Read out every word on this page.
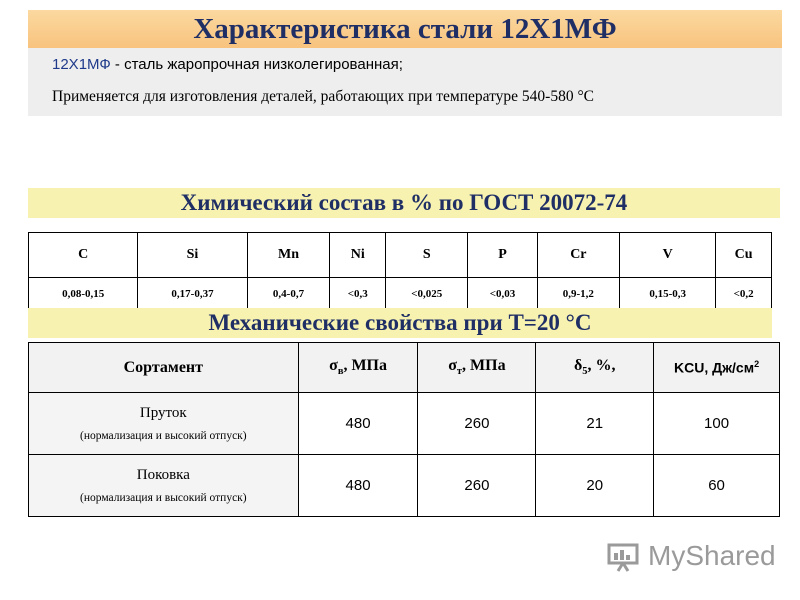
Характеристика стали 12Х1МФ
12Х1МФ - сталь жаропрочная низколегированная;
Применяется для изготовления деталей, работающих при температуре 540-580 °С
Химический состав в % по ГОСТ 20072-74
C	Si	Mn	Ni	S	P	Cr	V	Cu
0,08-0,15	0,17-0,37	0,4-0,7	<0,3	<0,025	<0,03	0,9-1,2	0,15-0,3	<0,2
Механические свойства при Т=20 °С
Сортамент	$\sigma_в$, МПа	$\sigma_т$, МПа	$\delta_5$, %,	KCU, $Дж/см^2$

Пруток
(нормализация и высокий отпуск)	480	260	21	100

Поковка
(нормализация и высокий отпуск)	480	260	20	60
MyShared
